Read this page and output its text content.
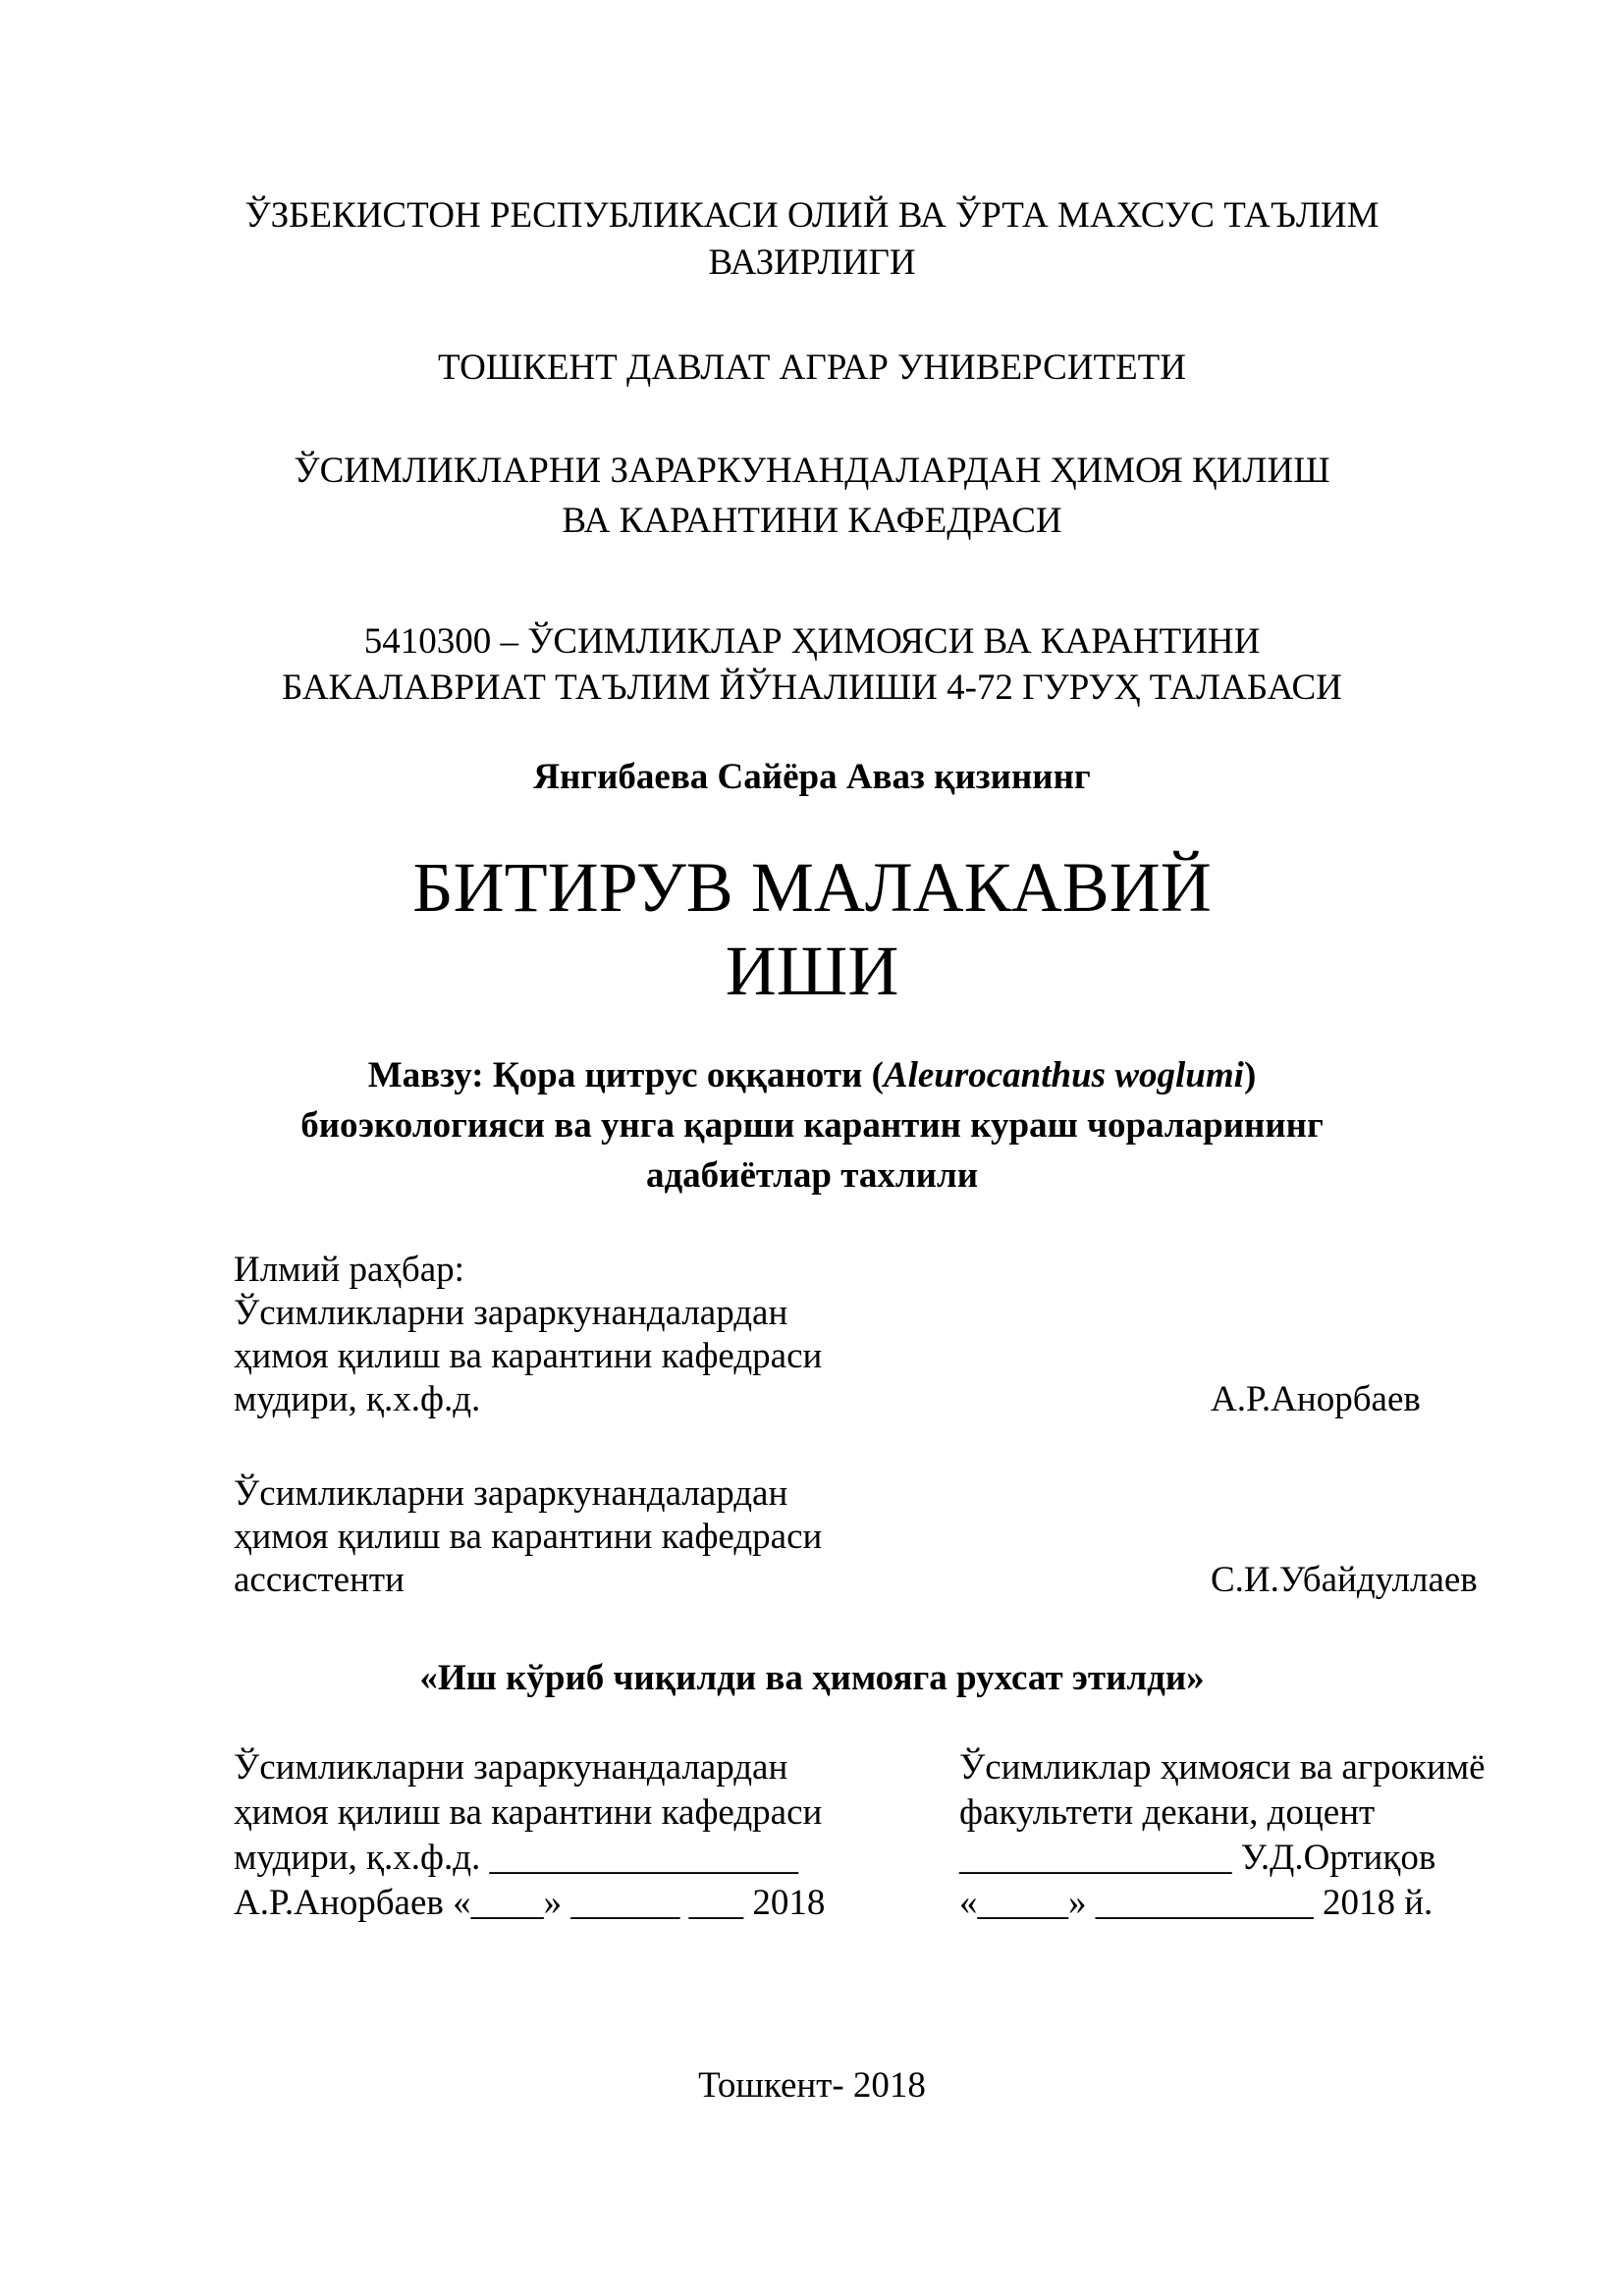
ЎЗБЕКИСТОН РЕСПУБЛИКАСИ ОЛИЙ ВА ЎРТА МАХСУС ТАЪЛИМ
ВАЗИРЛИГИ
ТОШКЕНТ ДАВЛАТ АГРАР УНИВЕРСИТЕТИ
ЎСИМЛИКЛАРНИ ЗАРАРКУНАНДАЛАРДАН ҲИМОЯ ҚИЛИШ
ВА КАРАНТИНИ КАФЕДРАСИ
5410300 – ЎСИМЛИКЛАР ҲИМОЯСИ ВА КАРАНТИНИ
БАКАЛАВРИАТ ТАЪЛИМ ЙЎНАЛИШИ 4-72 ГУРУҲ ТАЛАБАСИ
Янгибаева Сайёра Аваз қизининг
БИТИРУВ МАЛАКАВИЙ
ИШИ
Мавзу: Қора цитрус оққаноти (Aleurocanthus woglumi)
биоэкологияси ва унга қарши карантин кураш чораларининг
адабиётлар тахлили
Илмий раҳбар:
Ўсимликларни зараркунандалардан
ҳимоя қилиш ва карантини кафедраси
мудири, қ.х.ф.д.	А.Р.Анорбаев
Ўсимликларни зараркунандалардан
ҳимоя қилиш ва карантини кафедраси
ассистенти	С.И.Убайдуллаев
«Иш кўриб чиқилди ва ҳимояга рухсат этилди»
Ўсимликларни зараркунандалардан
ҳимоя қилиш ва карантини кафедраси
мудири, қ.х.ф.д. _________________
А.Р.Анорбаев «____» ______ ___ 2018
Ўсимликлар ҳимояси ва агрокимё
факультети декани, доцент
_______________ У.Д.Ортиқов
«_____» ____________ 2018 й.
Тошкент- 2018
